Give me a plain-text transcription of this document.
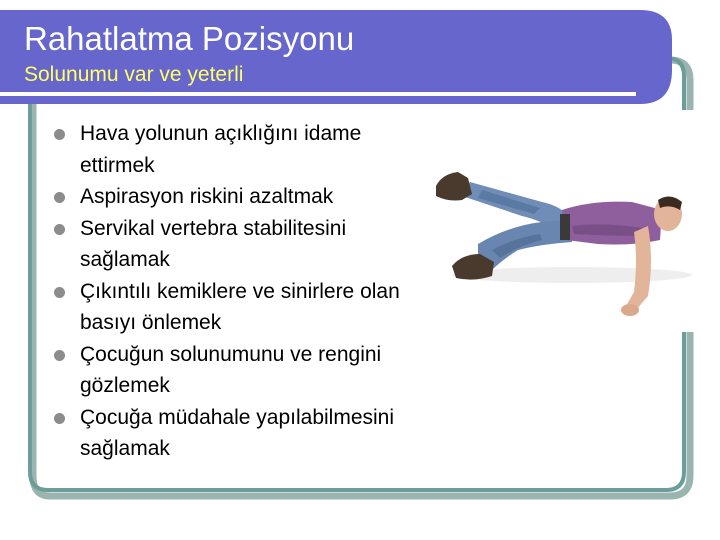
Rahatlatma Pozisyonu

Solunumu var ve yeterli

Hava yolunun açıklığını idame ettirmek
Aspirasyon riskini azaltmak
Servikal vertebra stabilitesini sağlamak
Çıkıntılı kemiklere ve sinirlere olan basıyı önlemek
Çocuğun solunumunu ve rengini gözlemek
Çocuğa müdahale yapılabilmesini sağlamak
